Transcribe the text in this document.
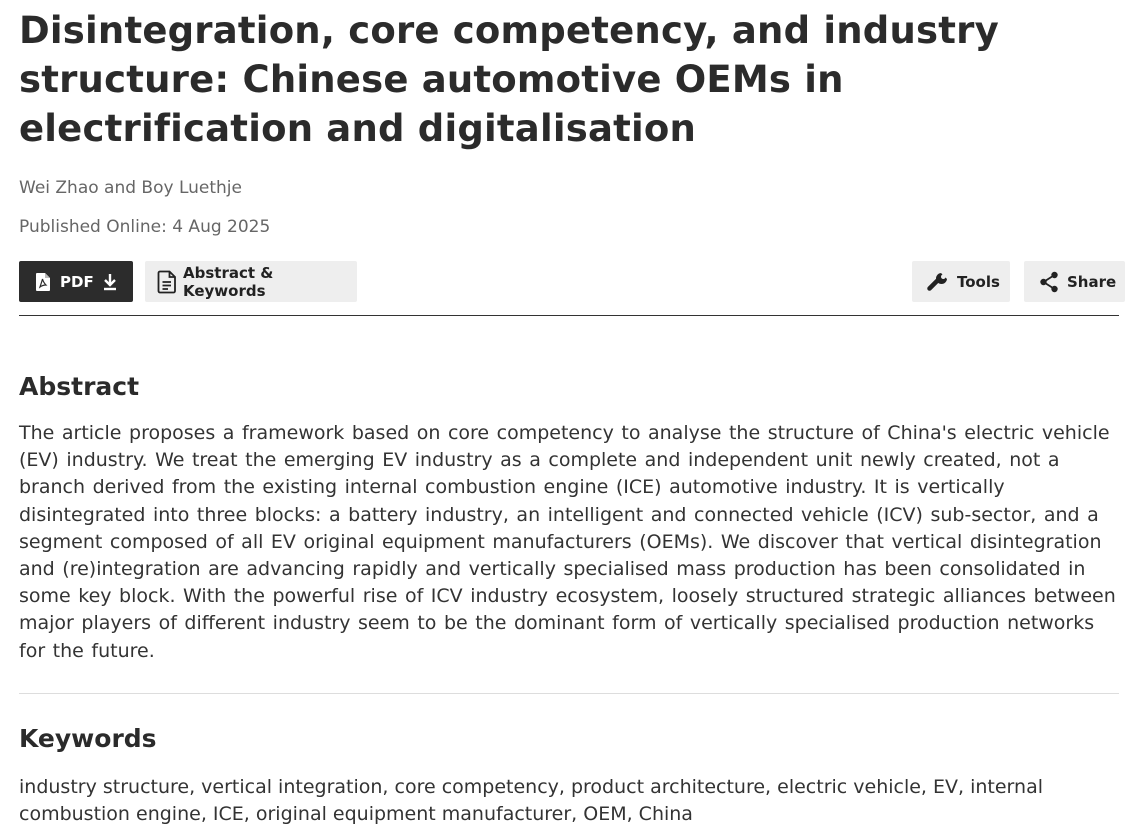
Disintegration, core competency, and industry structure: Chinese automotive OEMs in electrification and digitalisation
Wei Zhao and Boy Luethje
Published Online: 4 Aug 2025
PDF	Abstract & Keywords	Tools	Share
Abstract

The article proposes a framework based on core competency to analyse the structure of China's electric vehicle (EV) industry. We treat the emerging EV industry as a complete and independent unit newly created, not a branch derived from the existing internal combustion engine (ICE) automotive industry. It is vertically disintegrated into three blocks: a battery industry, an intelligent and connected vehicle (ICV) sub-sector, and a segment composed of all EV original equipment manufacturers (OEMs). We discover that vertical disintegration and (re)integration are advancing rapidly and vertically specialised mass production has been consolidated in some key block. With the powerful rise of ICV industry ecosystem, loosely structured strategic alliances between major players of different industry seem to be the dominant form of vertically specialised production networks for the future.

Keywords

industry structure, vertical integration, core competency, product architecture, electric vehicle, EV, internal combustion engine, ICE, original equipment manufacturer, OEM, China
